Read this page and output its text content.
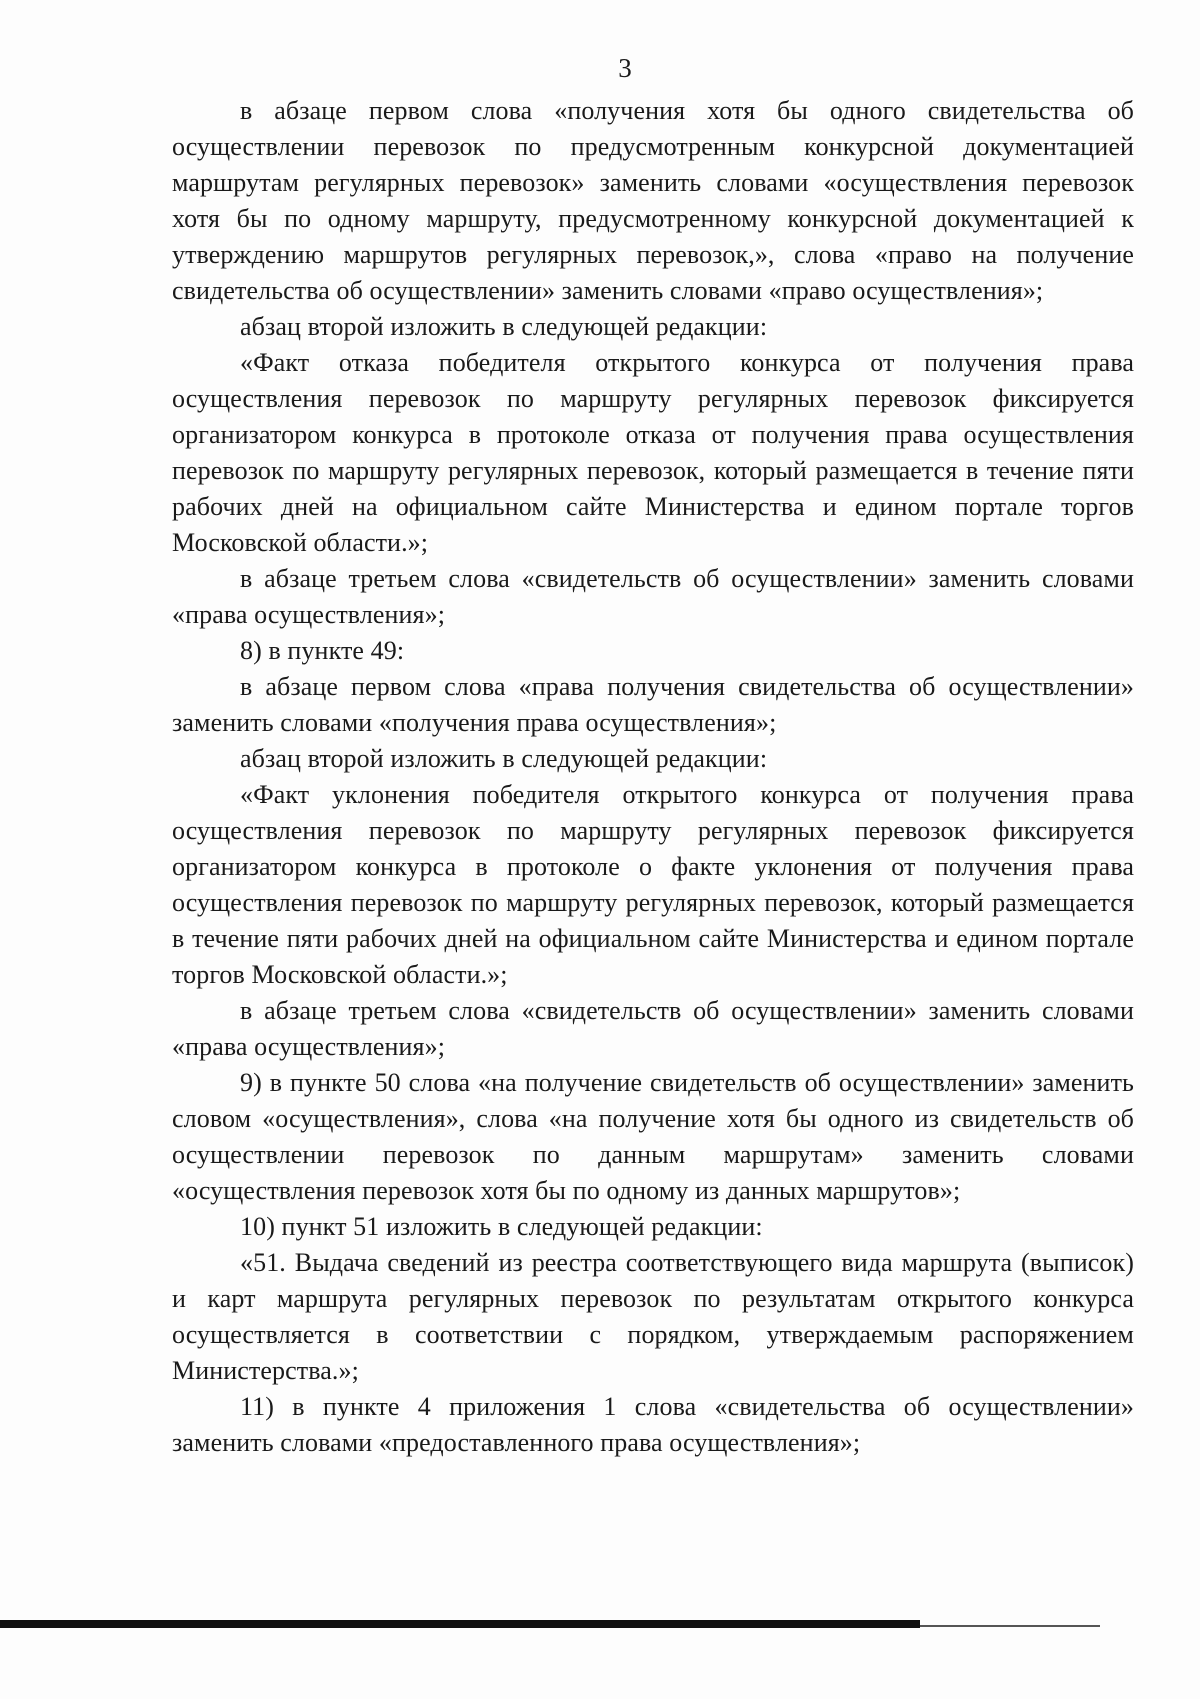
3

в абзаце первом слова «получения хотя бы одного свидетельства об осуществлении перевозок по предусмотренным конкурсной документацией маршрутам регулярных перевозок» заменить словами «осуществления перевозок хотя бы по одному маршруту, предусмотренному конкурсной документацией к утверждению маршрутов регулярных перевозок,», слова «право на получение свидетельства об осуществлении» заменить словами «право осуществления»;

абзац второй изложить в следующей редакции:

«Факт отказа победителя открытого конкурса от получения права осуществления перевозок по маршруту регулярных перевозок фиксируется организатором конкурса в протоколе отказа от получения права осуществления перевозок по маршруту регулярных перевозок, который размещается в течение пяти рабочих дней на официальном сайте Министерства и едином портале торгов Московской области.»;

в абзаце третьем слова «свидетельств об осуществлении» заменить словами «права осуществления»;

8) в пункте 49:

в абзаце первом слова «права получения свидетельства об осуществлении» заменить словами «получения права осуществления»;

абзац второй изложить в следующей редакции:

«Факт уклонения победителя открытого конкурса от получения права осуществления перевозок по маршруту регулярных перевозок фиксируется организатором конкурса в протоколе о факте уклонения от получения права осуществления перевозок по маршруту регулярных перевозок, который размещается в течение пяти рабочих дней на официальном сайте Министерства и едином портале торгов Московской области.»;

в абзаце третьем слова «свидетельств об осуществлении» заменить словами «права осуществления»;

9) в пункте 50 слова «на получение свидетельств об осуществлении» заменить словом «осуществления», слова «на получение хотя бы одного из свидетельств об осуществлении перевозок по данным маршрутам» заменить словами «осуществления перевозок хотя бы по одному из данных маршрутов»;

10) пункт 51 изложить в следующей редакции:

«51. Выдача сведений из реестра соответствующего вида маршрута (выписок) и карт маршрута регулярных перевозок по результатам открытого конкурса осуществляется в соответствии с порядком, утверждаемым распоряжением Министерства.»;

11) в пункте 4 приложения 1 слова «свидетельства об осуществлении» заменить словами «предоставленного права осуществления»;
